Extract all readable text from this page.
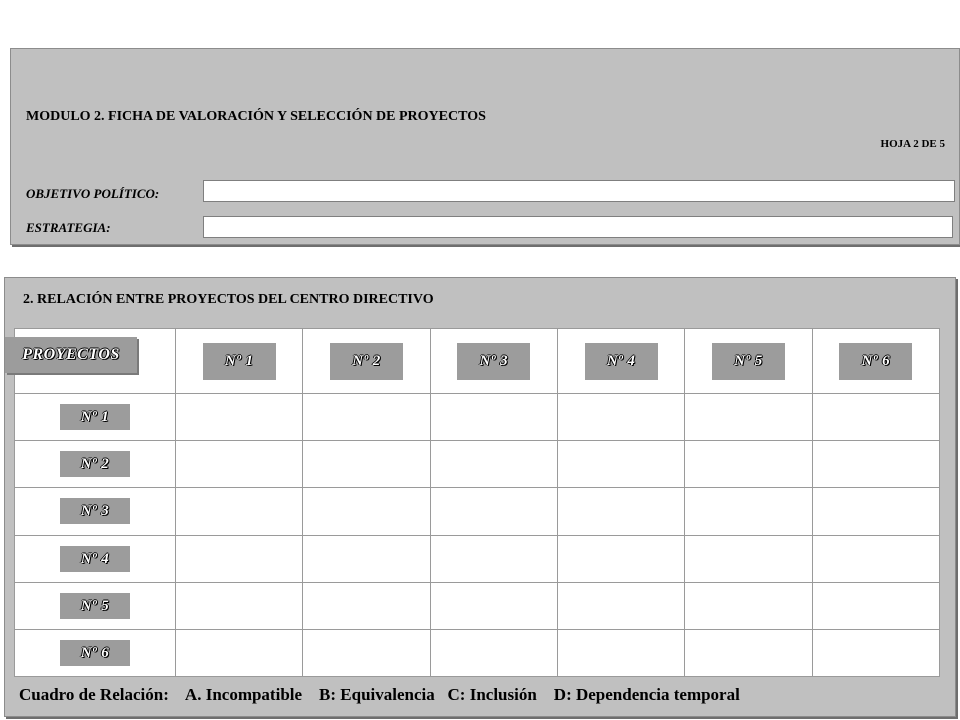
MODULO 2. FICHA DE VALORACIÓN Y SELECCIÓN DE PROYECTOS
HOJA 2 DE 5
OBJETIVO POLÍTICO:
ESTRATEGIA:
2. RELACIÓN ENTRE PROYECTOS DEL CENTRO DIRECTIVO
PROYECTOS	Nº 1	Nº 2	Nº 3	Nº 4	Nº 5	Nº 6
Nº 1						
Nº 2						
Nº 3						
Nº 4						
Nº 5						
Nº 6						
Cuadro de Relación: A. Incompatible B: Equivalencia C: Inclusión D: Dependencia temporal
